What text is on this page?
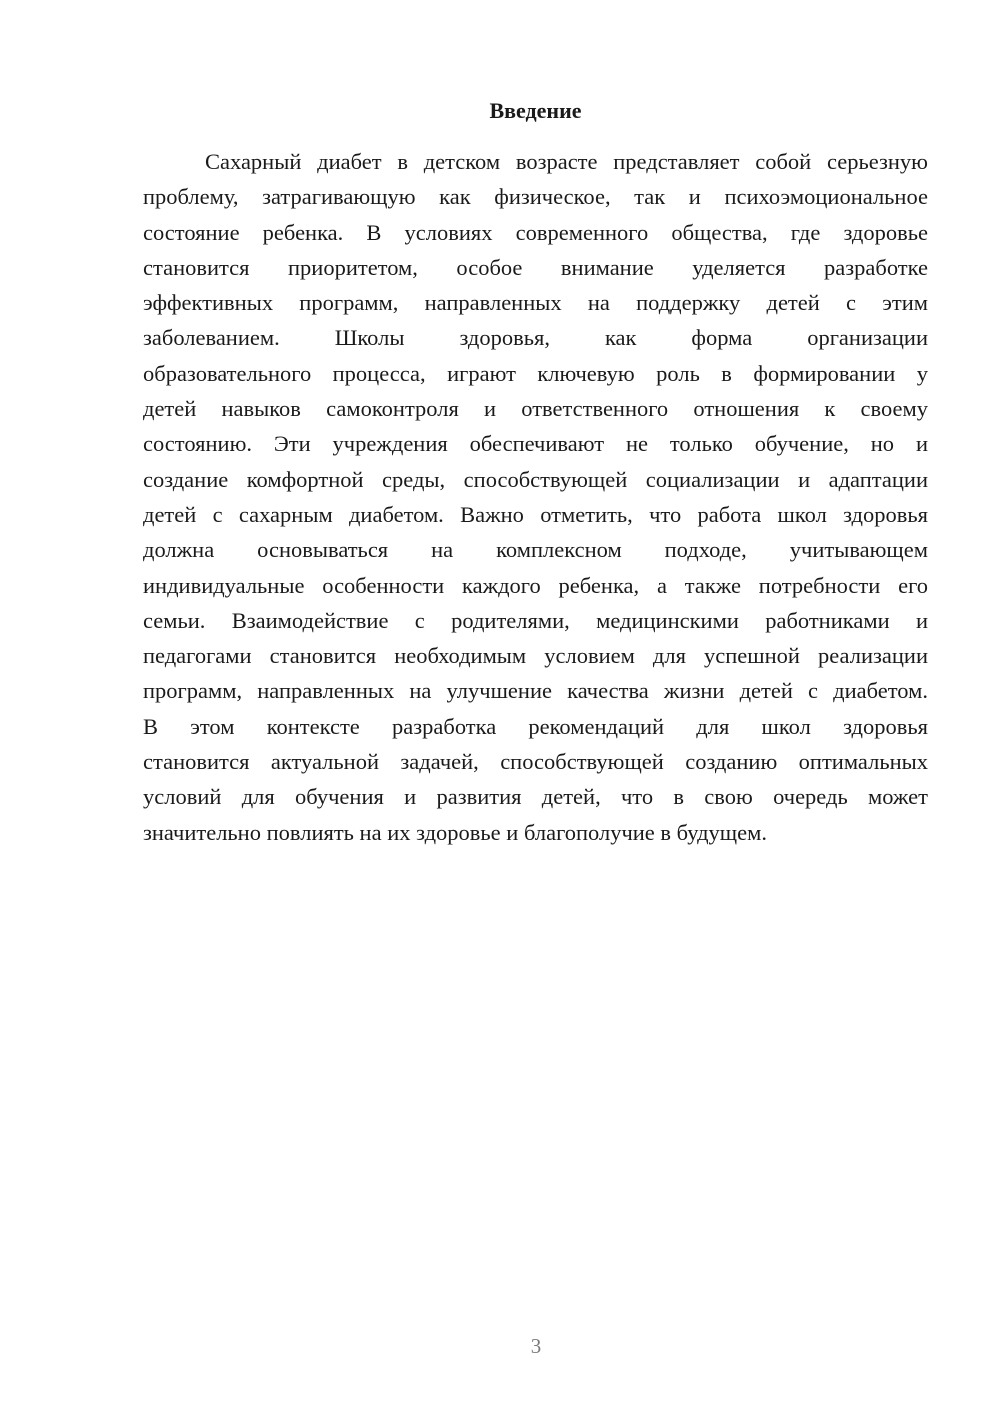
Введение
Сахарный диабет в детском возрасте представляет собой серьезную
проблему, затрагивающую как физическое, так и психоэмоциональное
состояние ребенка. В условиях современного общества, где здоровье
становится приоритетом, особое внимание уделяется разработке
эффективных программ, направленных на поддержку детей с этим
заболеванием. Школы здоровья, как форма организации
образовательного процесса, играют ключевую роль в формировании у
детей навыков самоконтроля и ответственного отношения к своему
состоянию. Эти учреждения обеспечивают не только обучение, но и
создание комфортной среды, способствующей социализации и адаптации
детей с сахарным диабетом. Важно отметить, что работа школ здоровья
должна основываться на комплексном подходе, учитывающем
индивидуальные особенности каждого ребенка, а также потребности его
семьи. Взаимодействие с родителями, медицинскими работниками и
педагогами становится необходимым условием для успешной реализации
программ, направленных на улучшение качества жизни детей с диабетом.
В этом контексте разработка рекомендаций для школ здоровья
становится актуальной задачей, способствующей созданию оптимальных
условий для обучения и развития детей, что в свою очередь может
значительно повлиять на их здоровье и благополучие в будущем.
3
